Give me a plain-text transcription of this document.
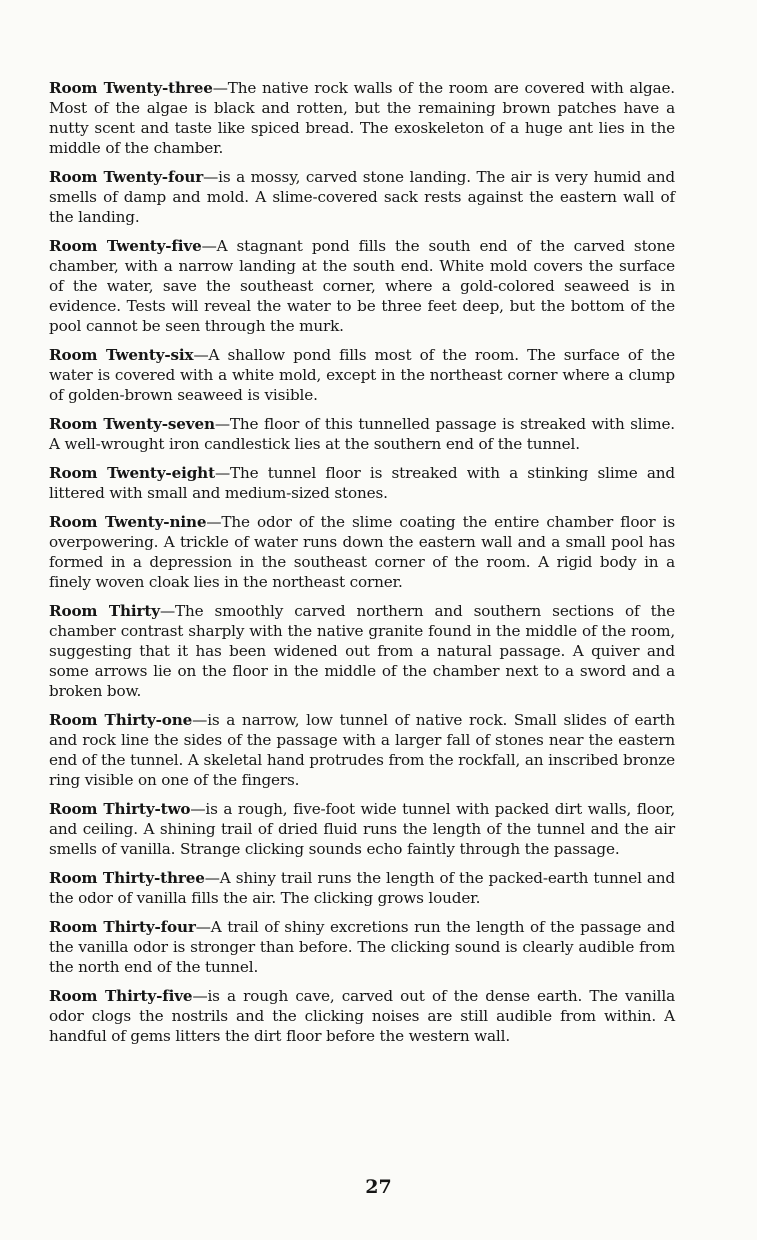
Room Twenty-three—The native rock walls of the room are covered with algae. Most of the algae is black and rotten, but the remaining brown patches have a nutty scent and taste like spiced bread. The exoskeleton of a huge ant lies in the middle of the chamber.

Room Twenty-four—is a mossy, carved stone landing. The air is very humid and smells of damp and mold. A slime-covered sack rests against the eastern wall of the landing.

Room Twenty-five—A stagnant pond fills the south end of the carved stone chamber, with a narrow landing at the south end. White mold covers the surface of the water, save the southeast corner, where a gold-colored seaweed is in evidence. Tests will reveal the water to be three feet deep, but the bottom of the pool cannot be seen through the murk.

Room Twenty-six—A shallow pond fills most of the room. The surface of the water is covered with a white mold, except in the northeast corner where a clump of golden-brown seaweed is visible.

Room Twenty-seven—The floor of this tunnelled passage is streaked with slime. A well-wrought iron candlestick lies at the southern end of the tunnel.

Room Twenty-eight—The tunnel floor is streaked with a stinking slime and littered with small and medium-sized stones.

Room Twenty-nine—The odor of the slime coating the entire chamber floor is overpowering. A trickle of water runs down the eastern wall and a small pool has formed in a depression in the southeast corner of the room. A rigid body in a finely woven cloak lies in the northeast corner.

Room Thirty—The smoothly carved northern and southern sections of the chamber contrast sharply with the native granite found in the middle of the room, suggesting that it has been widened out from a natural passage. A quiver and some arrows lie on the floor in the middle of the chamber next to a sword and a broken bow.

Room Thirty-one—is a narrow, low tunnel of native rock. Small slides of earth and rock line the sides of the passage with a larger fall of stones near the eastern end of the tunnel. A skeletal hand protrudes from the rockfall, an inscribed bronze ring visible on one of the fingers.

Room Thirty-two—is a rough, five-foot wide tunnel with packed dirt walls, floor, and ceiling. A shining trail of dried fluid runs the length of the tunnel and the air smells of vanilla. Strange clicking sounds echo faintly through the passage.

Room Thirty-three—A shiny trail runs the length of the packed-earth tunnel and the odor of vanilla fills the air. The clicking grows louder.

Room Thirty-four—A trail of shiny excretions run the length of the passage and the vanilla odor is stronger than before. The clicking sound is clearly audible from the north end of the tunnel.

Room Thirty-five—is a rough cave, carved out of the dense earth. The vanilla odor clogs the nostrils and the clicking noises are still audible from within. A handful of gems litters the dirt floor before the western wall.

27
